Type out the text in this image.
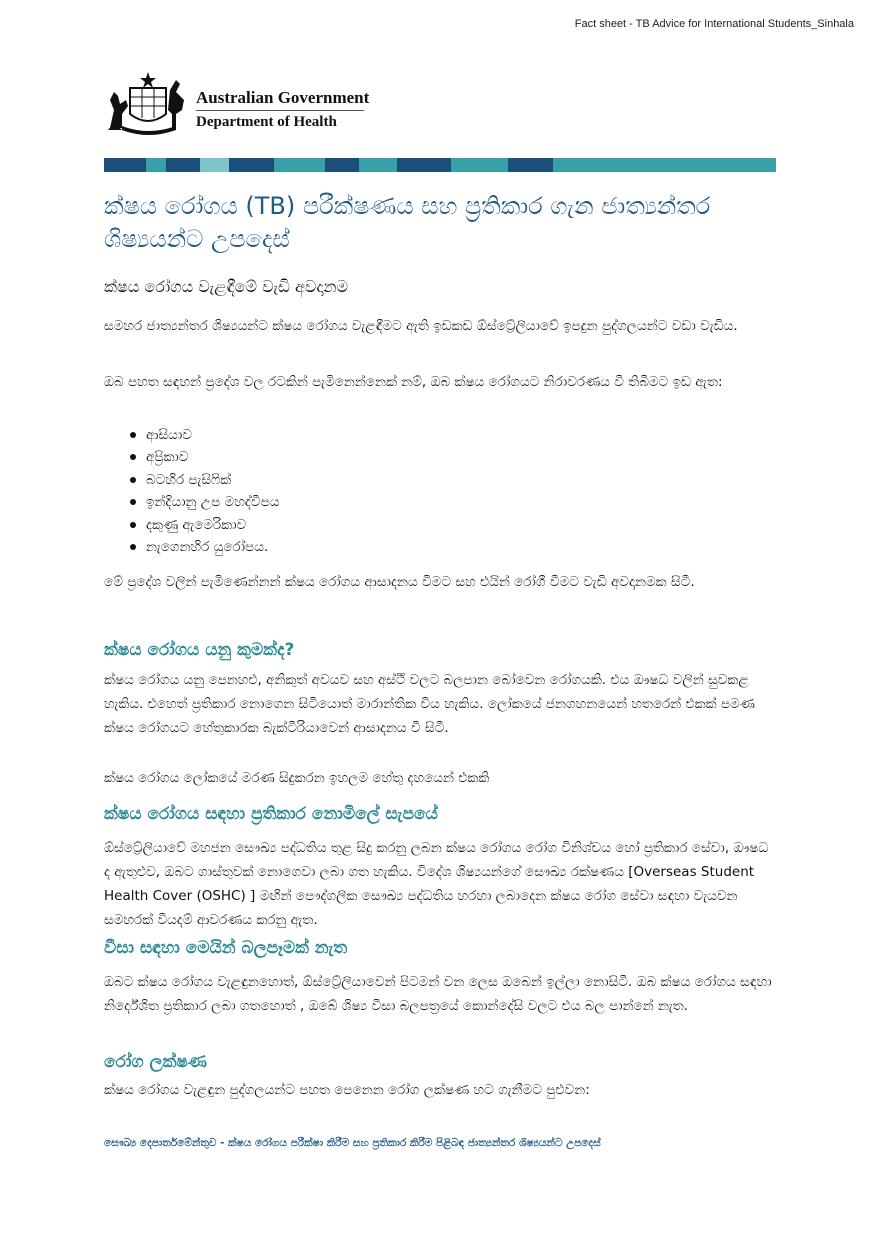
Fact sheet - TB Advice for International Students_Sinhala
Australian Government
Department of Health
ක්ෂය රෝගය (TB) පරීක්ෂණය සහ ප්‍රතිකාර ගැන ජාත්‍යන්තර ශිෂ්‍යයන්ට උපදෙස්
ක්ෂය රෝගය වැළඳීමේ වැඩි අවදානම

සමහර ජාත්‍යන්තර ශිෂ්‍යයන්ට ක්ෂය රෝගය වැළඳීමට ඇති ඉඩකඩ ඕස්ට්‍රේලියාවේ ඉපදුන පුද්ගලයන්ට වඩා වැඩිය.

ඔබ පහත සඳහන් ප්‍රදේශ වල රටකින් පැමිනෙන්නෙක් නම්, ඔබ ක්ෂය රෝගයට නිරාවරණය වී තිබීමට ඉඩ ඇත:

ආසියාව
අප්‍රිකාව
බටහිර පැසිෆික්
ඉන්දියානු උප මහද්වීපය
දකුණු ඇමෙරිකාව
නැගෙනහිර යුරෝපය.

මේ ප්‍රදේශ වලින් පැමිණෙන්නන් ක්ෂය රෝගය ආසාදනය වීමට සහ එයින් රෝගී වීමට වැඩි අවදානමක සිටී.

ක්ෂය රෝගය යනු කුමක්ද?

ක්ෂය රෝගය යනු පෙනහළු, අනිකුත් අවයව සහ අස්ථි වලට බලපාන බෝවෙන රෝගයකි. එය ඖෂධ වලින් සුවකළ හැකිය. එහෙත් ප්‍රතිකාර නොගෙන සිටියොත් මාරාන්තික විය හැකිය. ලෝකයේ ජනගහනයෙන් හතරෙන් එකක් පමණ ක්ෂය රෝගයට හේතුකාරක බැක්ටීරියාවෙන් ආසාදනය වී සිටී.

ක්ෂය රෝගය ලෝකයේ මරණ සිදුකරන ඉහලම හේතු දහයෙන් එකකි

ක්ෂය රෝගය සඳහා ප්‍රතිකාර නොමිලේ සැපයේ

ඕස්ට්‍රේලියාවේ මහජන සෞඛ්‍ය පද්ධතිය තුළ සිදු කරනු ලබන ක්ෂය රෝගය රෝග විනිශ්චය හෝ ප්‍රතිකාර සේවා, ඖෂධ ද ඇතුළුව, ඔබට ගාස්තුවක් නොගෙවා ලබා ගත හැකිය. විදේශ ශිෂ්‍යයන්ගේ සෞඛ්‍ය රක්ෂණය [Overseas Student Health Cover (OSHC) ] මඟින් පෞද්ගලික සෞඛ්‍ය පද්ධතිය හරහා ලබාදෙන ක්ෂය රෝග සේවා සඳහා වැයවන සමහරක් වියදම් ආවරණය කරනු ඇත.

වීසා සඳහා මෙයින් බලපෑමක් නැත

ඔබට ක්ෂය රෝගය වැළඳුනහොත්, ඕස්ට්‍රේලියාවෙන් පිටමන් වන ලෙස ඔබෙන් ඉල්ලා නොසිටී. ඔබ ක්ෂය රෝගය සඳහා නිර්දේශිත ප්‍රතිකාර ලබා ගතහොත් , ඔබේ ශිෂ්‍ය වීසා බලපත්‍රයේ කොන්දේසි වලට එය බල පාන්නේ නැත.

රෝග ලක්ෂණ

ක්ෂය රෝගය වැළඳුන පුද්ගලයන්ට පහත පෙනෙන රෝග ලක්ෂණ හට ගැනීමට පුළුවන:

සෞඛ්‍ය දෙපාර්තමේන්තුව - ක්ෂය රෝගය පරීක්ෂා කිරීම සහ ප්‍රතිකාර කිරීම පිළිබඳ ජාත්‍යන්තර ශිෂ්‍යයන්ට උපදෙස්
